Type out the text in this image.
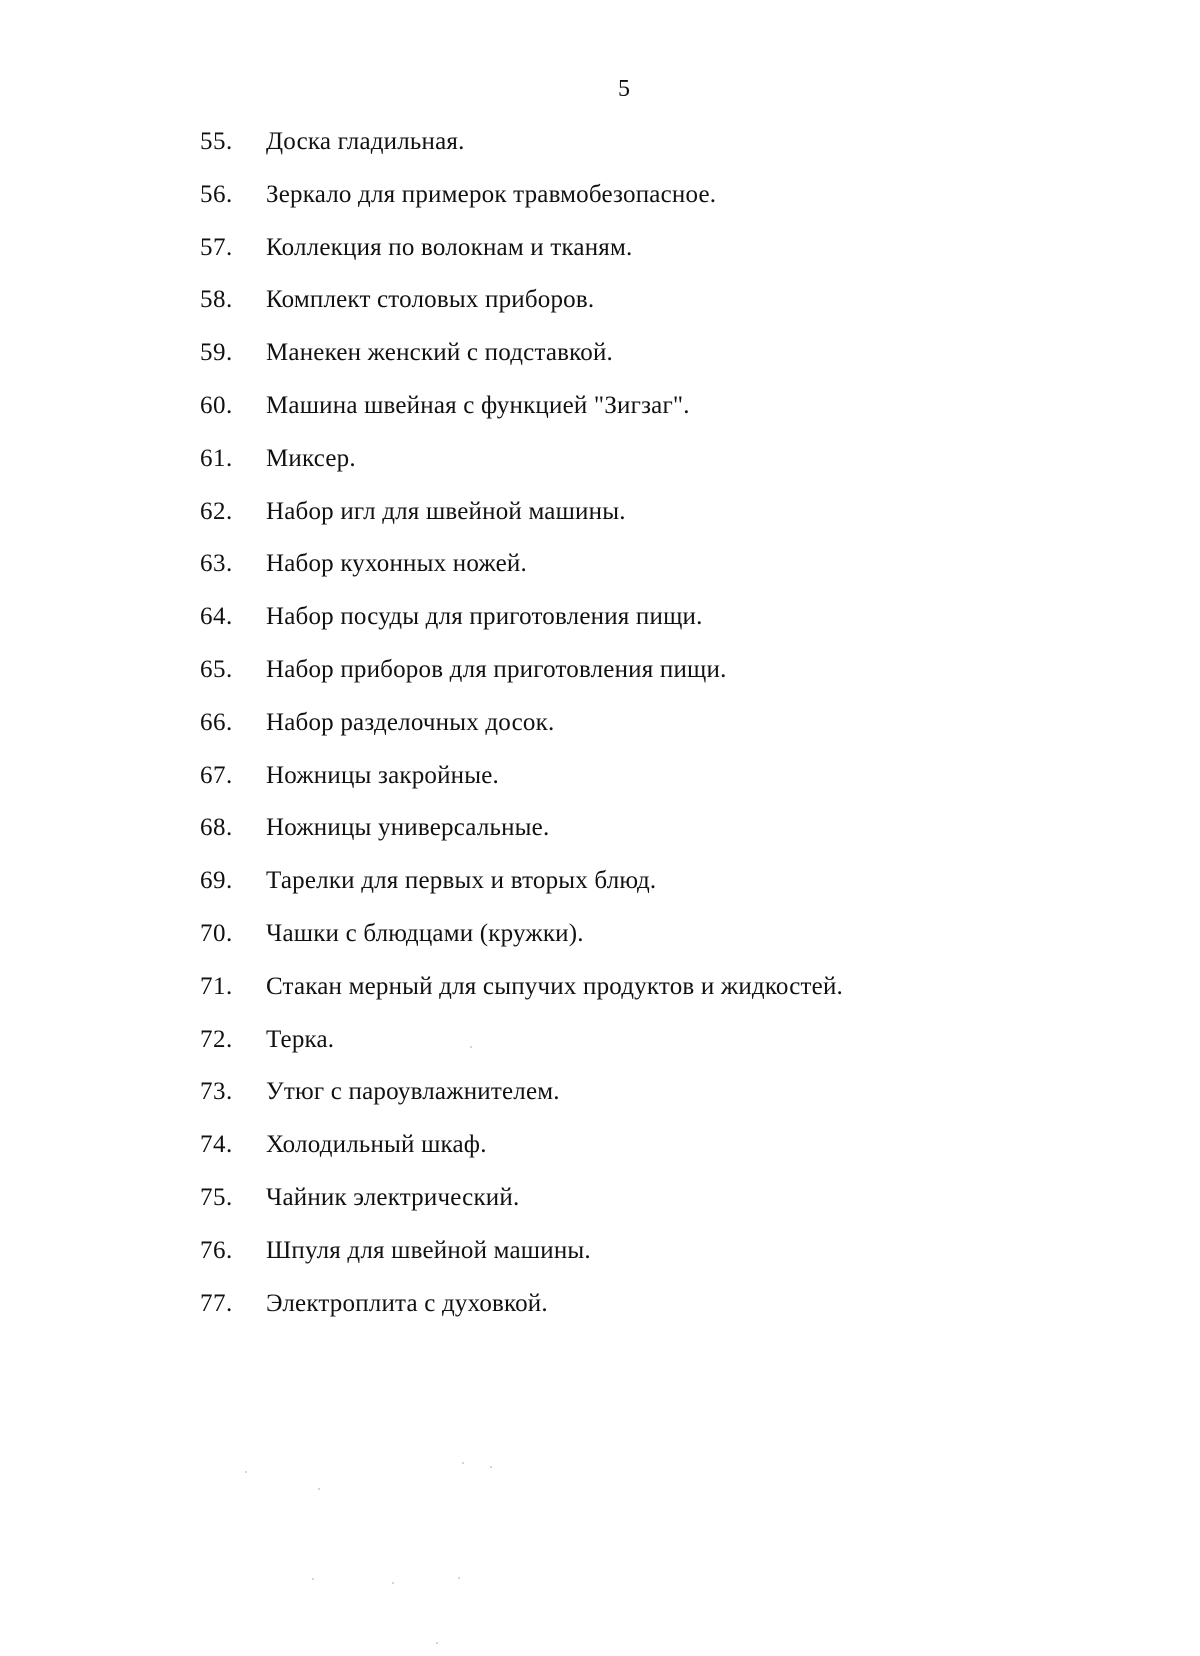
5
55.	Доска гладильная.
56.	Зеркало для примерок травмобезопасное.
57.	Коллекция по волокнам и тканям.
58.	Комплект столовых приборов.
59.	Манекен женский с подставкой.
60.	Машина швейная с функцией "Зигзаг".
61.	Миксер.
62.	Набор игл для швейной машины.
63.	Набор кухонных ножей.
64.	Набор посуды для приготовления пищи.
65.	Набор приборов для приготовления пищи.
66.	Набор разделочных досок.
67.	Ножницы закройные.
68.	Ножницы универсальные.
69.	Тарелки для первых и вторых блюд.
70.	Чашки с блюдцами (кружки).
71.	Стакан мерный для сыпучих продуктов и жидкостей.
72.	Терка.
73.	Утюг с пароувлажнителем.
74.	Холодильный шкаф.
75.	Чайник электрический.
76.	Шпуля для швейной машины.
77.	Электроплита с духовкой.
